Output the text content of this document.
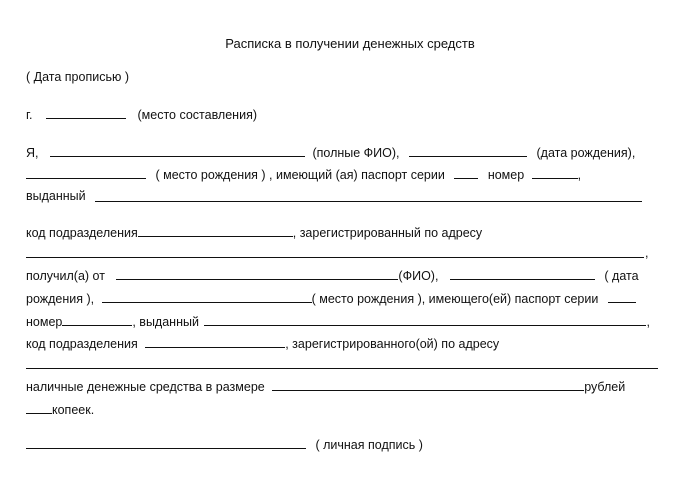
Расписка в получении денежных средств
( Дата прописью )
г.	(место составления)
Я,	(полные ФИО),	(дата рождения),
( место рождения ) , имеющий (ая) паспорт серии	номер	,
выданный
код подразделения	, зарегистрированный по адресу
,
получил(а) от	(ФИО),	( дата
рождения ),	( место рождения ), имеющего(ей) паспорт серии
номер	, выданный	,
код подразделения	, зарегистрированного(ой) по адресу
наличные денежные средства в размере	рублей
копеек.
( личная подпись )
